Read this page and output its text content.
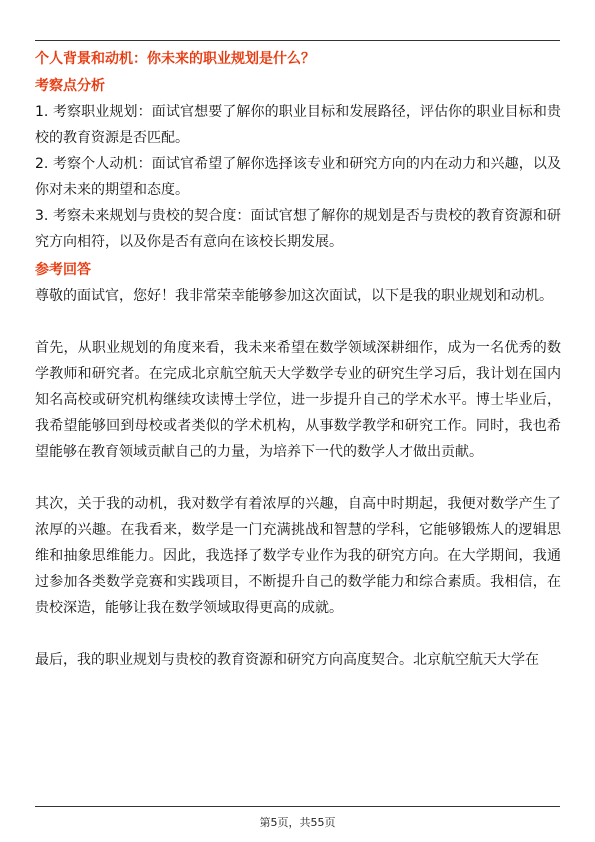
个人背景和动机：你未来的职业规划是什么？

考察点分析

1. 考察职业规划：面试官想要了解你的职业目标和发展路径，评估你的职业目标和贵校的教育资源是否匹配。

2. 考察个人动机：面试官希望了解你选择该专业和研究方向的内在动力和兴趣，以及你对未来的期望和态度。

3. 考察未来规划与贵校的契合度：面试官想了解你的规划是否与贵校的教育资源和研究方向相符，以及你是否有意向在该校长期发展。

参考回答

尊敬的面试官，您好！我非常荣幸能够参加这次面试，以下是我的职业规划和动机。

首先，从职业规划的角度来看，我未来希望在数学领域深耕细作，成为一名优秀的数学教师和研究者。在完成北京航空航天大学数学专业的研究生学习后，我计划在国内知名高校或研究机构继续攻读博士学位，进一步提升自己的学术水平。博士毕业后，我希望能够回到母校或者类似的学术机构，从事数学教学和研究工作。同时，我也希望能够在教育领域贡献自己的力量，为培养下一代的数学人才做出贡献。

其次，关于我的动机，我对数学有着浓厚的兴趣，自高中时期起，我便对数学产生了浓厚的兴趣。在我看来，数学是一门充满挑战和智慧的学科，它能够锻炼人的逻辑思维和抽象思维能力。因此，我选择了数学专业作为我的研究方向。在大学期间，我通过参加各类数学竞赛和实践项目，不断提升自己的数学能力和综合素质。我相信，在贵校深造，能够让我在数学领域取得更高的成就。

最后，我的职业规划与贵校的教育资源和研究方向高度契合。北京航空航天大学在

第5页，共55页
